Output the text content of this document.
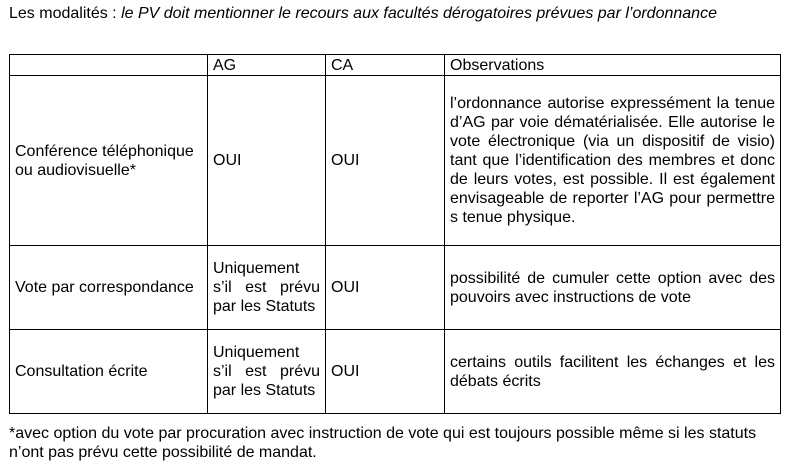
Les modalités : le PV doit mentionner le recours aux facultés dérogatoires prévues par l’ordonnance
	AG	CA	Observations
Conférence téléphonique ou audiovisuelle*	OUI	OUI	l’ordonnance autorise expressément la tenue d’AG par voie dématérialisée. Elle autorise le vote électronique (via un dispositif de visio) tant que l’identification des membres et donc de leurs votes, est possible. Il est également envisageable de reporter l’AG pour permettre s tenue physique.
Vote par correspondance	Uniquement s’il est prévu par les Statuts	OUI	possibilité de cumuler cette option avec des pouvoirs avec instructions de vote
Consultation écrite	Uniquement s’il est prévu par les Statuts	OUI	certains outils facilitent les échanges et les débats écrits
*avec option du vote par procuration avec instruction de vote qui est toujours possible même si les statuts n’ont pas prévu cette possibilité de mandat.
